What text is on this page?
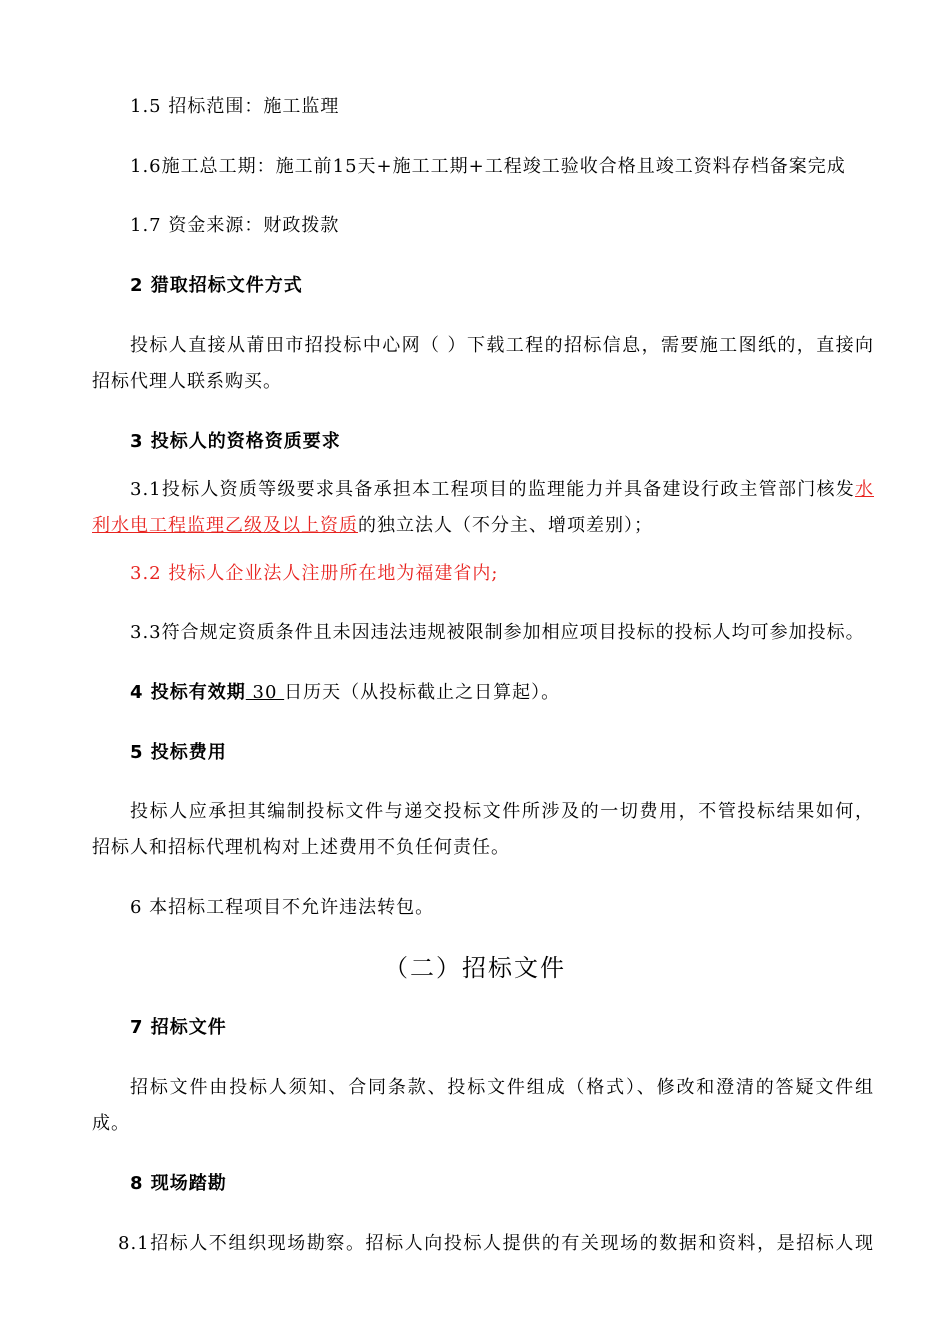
1.5 招标范围：施工监理
1.6施工总工期：施工前15天+施工工期+工程竣工验收合格且竣工资料存档备案完成
1.7 资金来源：财政拨款
2 猎取招标文件方式
投标人直接从莆田市招投标中心网（ ）下载工程的招标信息，需要施工图纸的，直接向
招标代理人联系购买。
3 投标人的资格资质要求
3.1投标人资质等级要求具备承担本工程项目的监理能力并具备建设行政主管部门核发水
利水电工程监理乙级及以上资质的独立法人（不分主、增项差别）；
3.2 投标人企业法人注册所在地为福建省内;
3.3符合规定资质条件且未因违法违规被限制参加相应项目投标的投标人均可参加投标。
4 投标有效期 30 日历天（从投标截止之日算起）。
5 投标费用
投标人应承担其编制投标文件与递交投标文件所涉及的一切费用，不管投标结果如何，
招标人和招标代理机构对上述费用不负任何责任。
6 本招标工程项目不允许违法转包。
（二）招标文件
7 招标文件
招标文件由投标人须知、合同条款、投标文件组成（格式）、修改和澄清的答疑文件组
成。
8 现场踏勘
8.1招标人不组织现场勘察。招标人向投标人提供的有关现场的数据和资料，是招标人现
